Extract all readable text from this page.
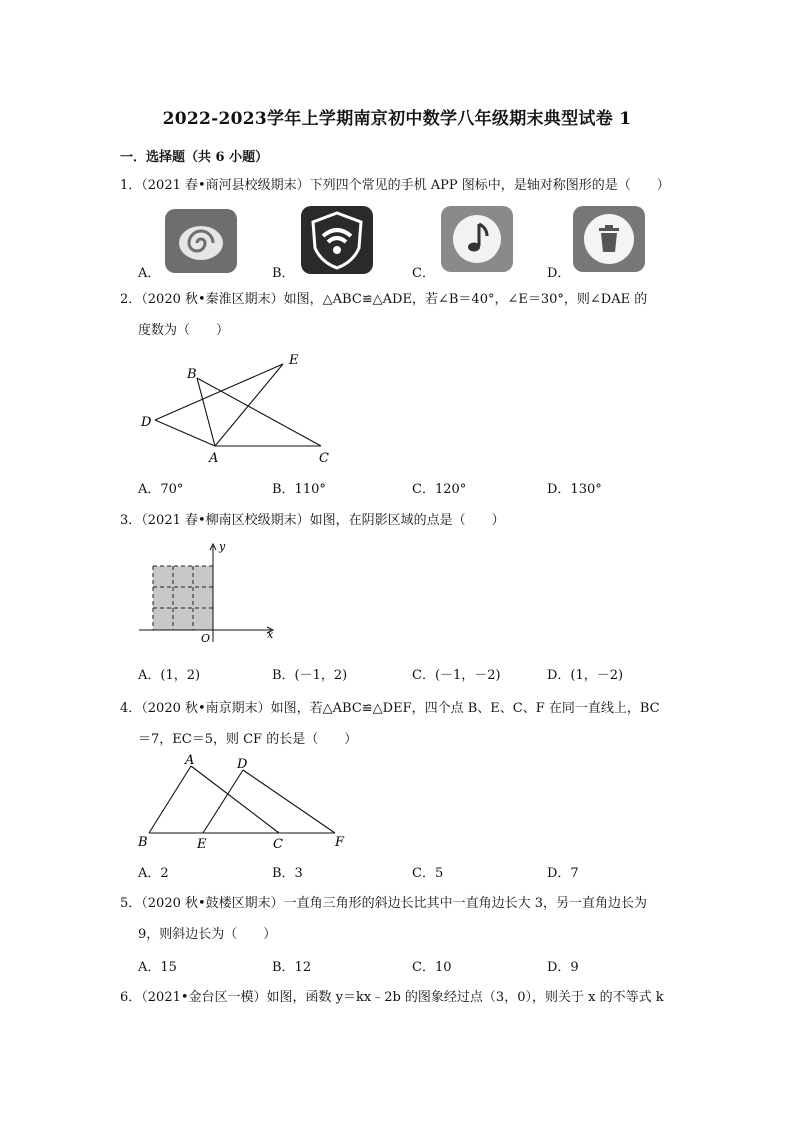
2022-2023学年上学期南京初中数学八年级期末典型试卷 1
一．选择题（共 6 小题）

1．（2021 春•商河县校级期末）下列四个常见的手机 APP 图标中，是轴对称图形的是（　　）

A．	B．	C．	D．

2．（2020 秋•秦淮区期末）如图，△ABC≌△ADE，若∠B＝40°，∠E＝30°，则∠DAE 的

度数为（　　）

B
E
D
A	C
A．70°	B．110°	C．120°	D．130°

3．（2021 春•柳南区校级期末）如图，在阴影区域的点是（　　）

y
x
O
A．(1，2)	B．(－1，2)	C．(－1，－2)	D．(1，－2)

4．（2020 秋•南京期末）如图，若△ABC≌△DEF，四个点 B、E、C、F 在同一直线上，BC

＝7，EC＝5，则 CF 的长是（　　）

A	D
B	E	C	F
A．2	B．3	C．5	D．7

5．（2020 秋•鼓楼区期末）一直角三角形的斜边长比其中一直角边长大 3，另一直角边长为

9，则斜边长为（　　）

A．15	B．12	C．10	D．9

6．（2021•金台区一模）如图，函数 y＝kx﹣2b 的图象经过点（3，0），则关于 x 的不等式 k
